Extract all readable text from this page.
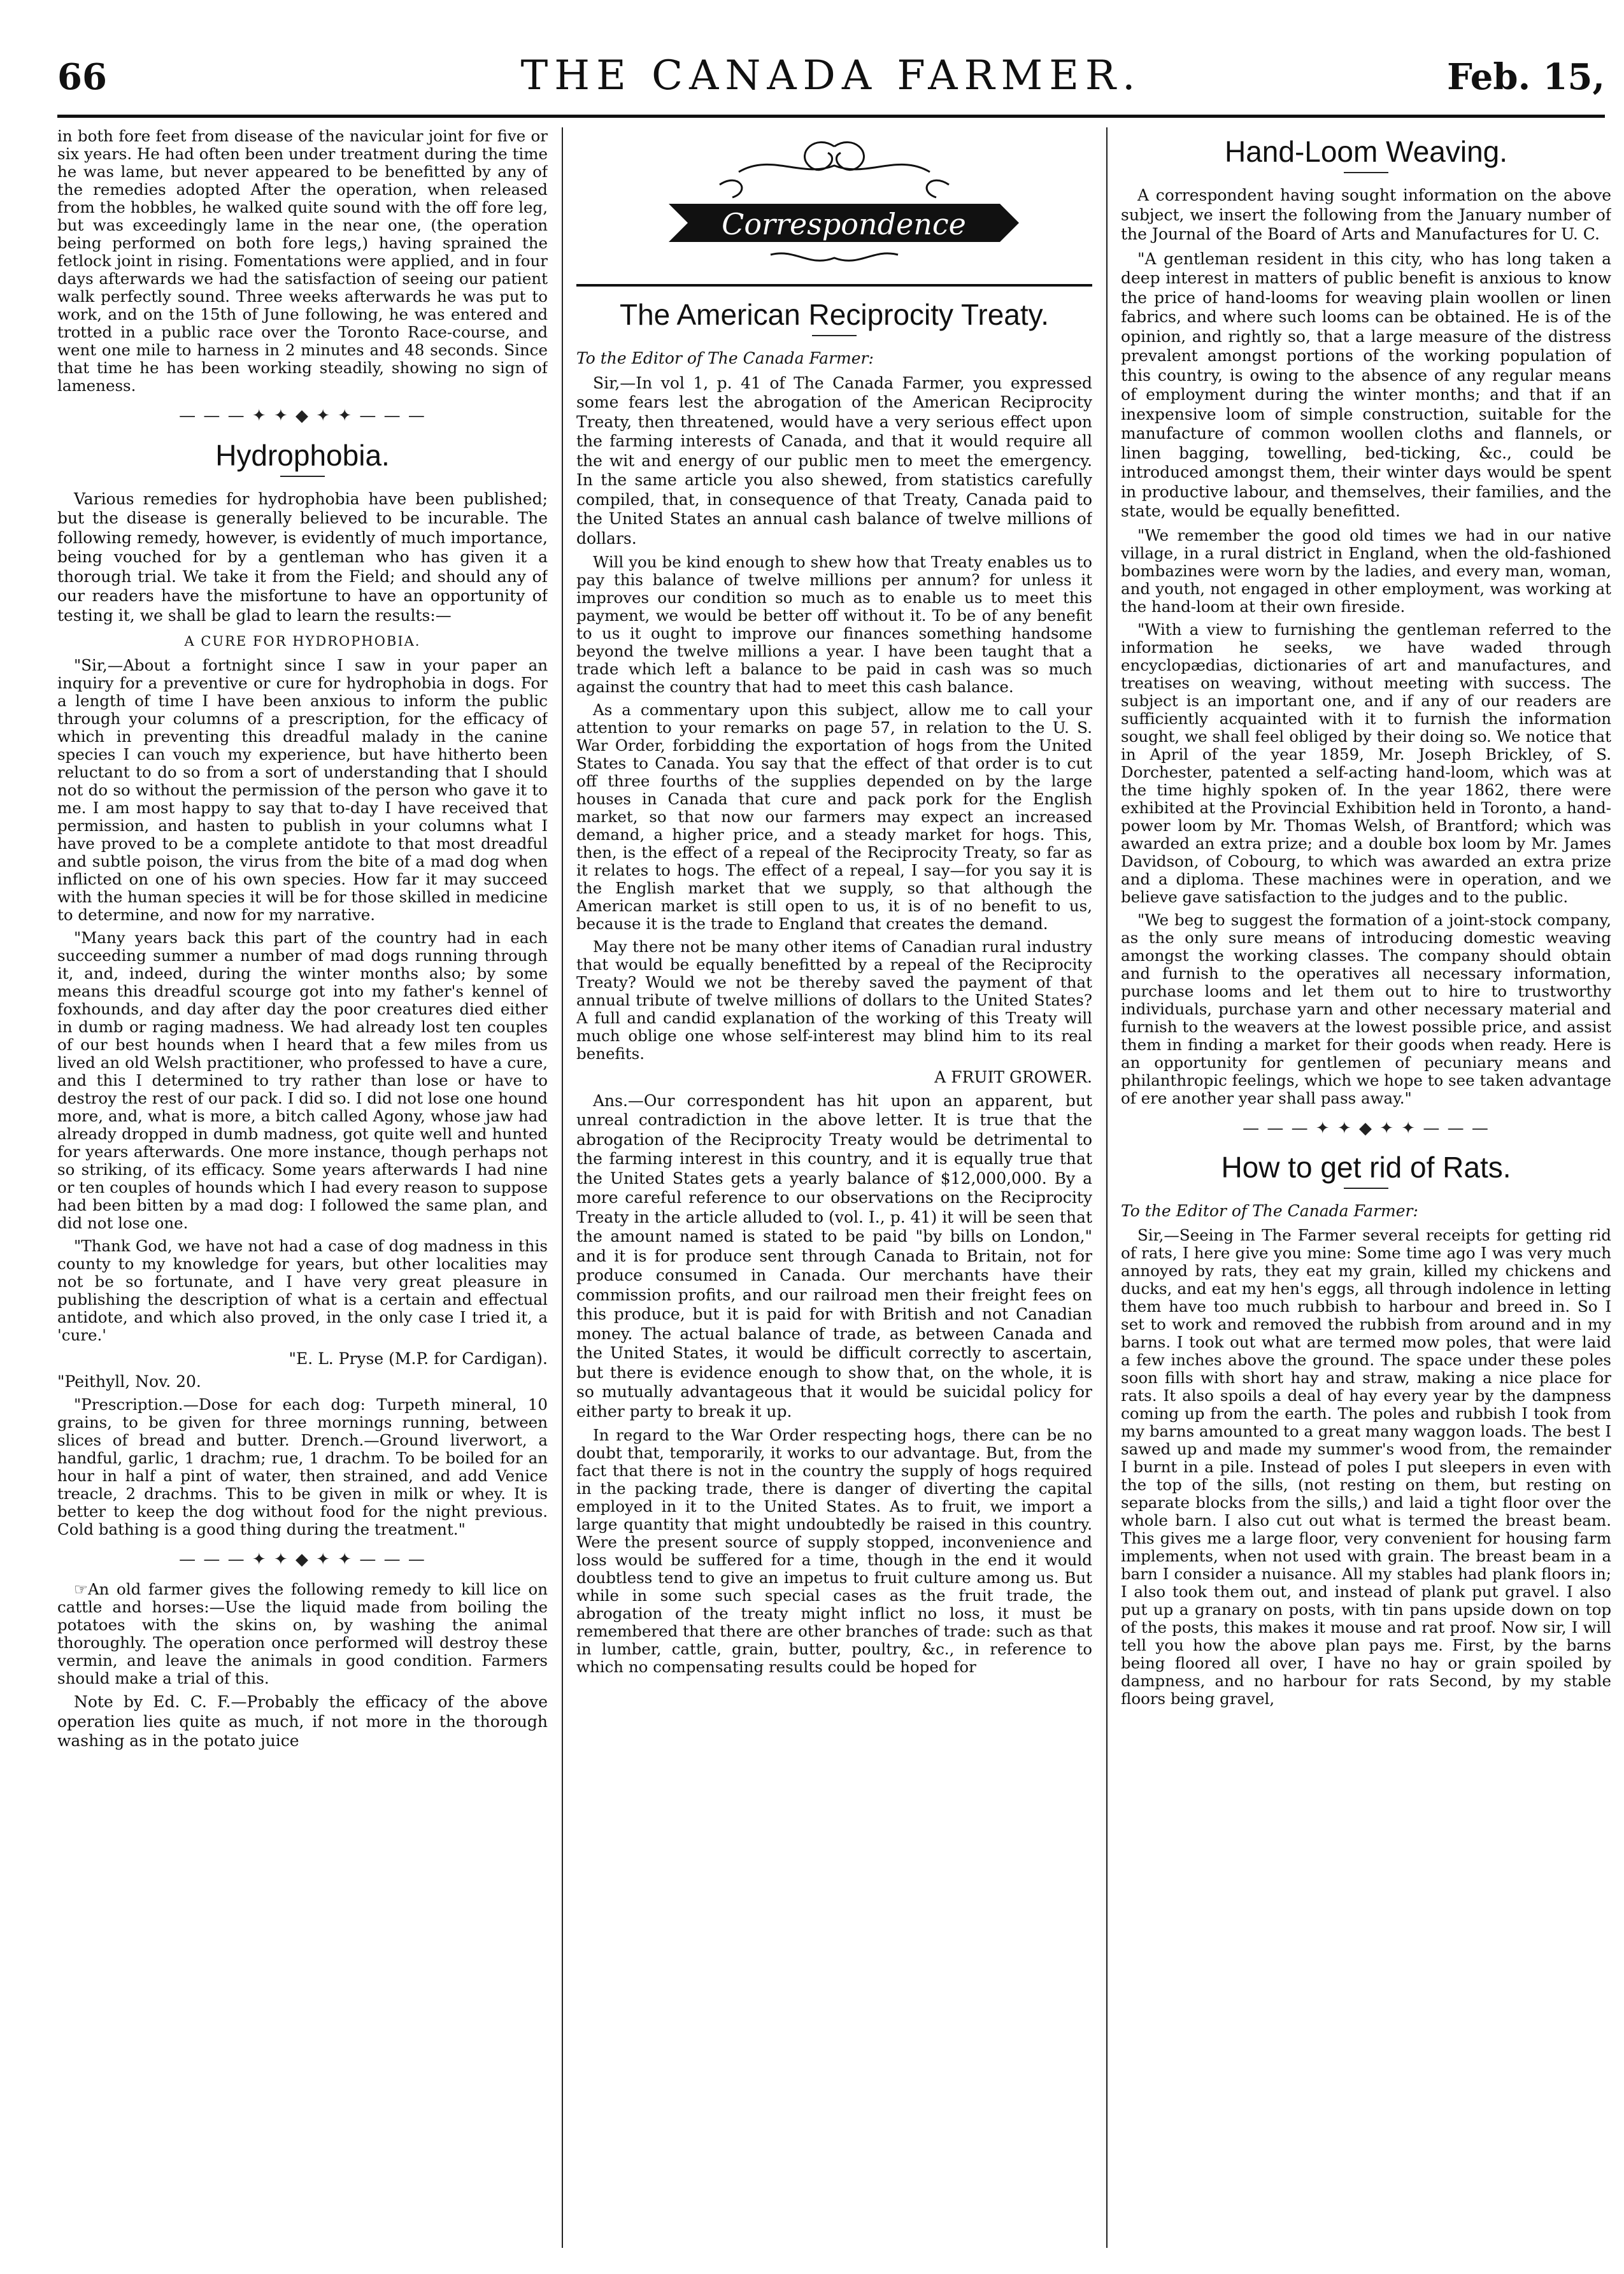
66	THE CANADA FARMER.	Feb. 15,

in both fore feet from disease of the navicular joint for five or six years. He had often been under treatment during the time he was lame, but never appeared to be benefitted by any of the remedies adopted After the operation, when released from the hobbles, he walked quite sound with the off fore leg, but was exceedingly lame in the near one, (the operation being performed on both fore legs,) having sprained the fetlock joint in rising. Fomentations were applied, and in four days afterwards we had the satisfaction of seeing our patient walk perfectly sound. Three weeks afterwards he was put to work, and on the 15th of June following, he was entered and trotted in a public race over the Toronto Race-course, and went one mile to harness in 2 minutes and 48 seconds. Since that time he has been working steadily, showing no sign of lameness.

— — — ✦ ✦ ◆ ✦ ✦ — — —
Hydrophobia.

Various remedies for hydrophobia have been published; but the disease is generally believed to be incurable. The following remedy, however, is evidently of much importance, being vouched for by a gentleman who has given it a thorough trial. We take it from the Field; and should any of our readers have the misfortune to have an opportunity of testing it, we shall be glad to learn the results:—

A CURE FOR HYDROPHOBIA.

"Sir,—About a fortnight since I saw in your paper an inquiry for a preventive or cure for hydrophobia in dogs. For a length of time I have been anxious to inform the public through your columns of a prescription, for the efficacy of which in preventing this dreadful malady in the canine species I can vouch my experience, but have hitherto been reluctant to do so from a sort of understanding that I should not do so without the permission of the person who gave it to me. I am most happy to say that to-day I have received that permission, and hasten to publish in your columns what I have proved to be a complete antidote to that most dreadful and subtle poison, the virus from the bite of a mad dog when inflicted on one of his own species. How far it may succeed with the human species it will be for those skilled in medicine to determine, and now for my narrative.

"Many years back this part of the country had in each succeeding summer a number of mad dogs running through it, and, indeed, during the winter months also; by some means this dreadful scourge got into my father's kennel of foxhounds, and day after day the poor creatures died either in dumb or raging madness. We had already lost ten couples of our best hounds when I heard that a few miles from us lived an old Welsh practitioner, who professed to have a cure, and this I determined to try rather than lose or have to destroy the rest of our pack. I did so. I did not lose one hound more, and, what is more, a bitch called Agony, whose jaw had already dropped in dumb madness, got quite well and hunted for years afterwards. One more instance, though perhaps not so striking, of its efficacy. Some years afterwards I had nine or ten couples of hounds which I had every reason to suppose had been bitten by a mad dog: I followed the same plan, and did not lose one.

"Thank God, we have not had a case of dog madness in this county to my knowledge for years, but other localities may not be so fortunate, and I have very great pleasure in publishing the description of what is a certain and effectual antidote, and which also proved, in the only case I tried it, a 'cure.'

"E. L. Pryse (M.P. for Cardigan).
"Peithyll, Nov. 20.

"Prescription.—Dose for each dog: Turpeth mineral, 10 grains, to be given for three mornings running, between slices of bread and butter. Drench.—Ground liverwort, a handful, garlic, 1 drachm; rue, 1 drachm. To be boiled for an hour in half a pint of water, then strained, and add Venice treacle, 2 drachms. This to be given in milk or whey. It is better to keep the dog without food for the night previous. Cold bathing is a good thing during the treatment."

— — — ✦ ✦ ◆ ✦ ✦ — — —

☞An old farmer gives the following remedy to kill lice on cattle and horses:—Use the liquid made from boiling the potatoes with the skins on, by washing the animal thoroughly. The operation once performed will destroy these vermin, and leave the animals in good condition. Farmers should make a trial of this.

Note by Ed. C. F.—Probably the efficacy of the above operation lies quite as much, if not more in the thorough washing as in the potato juice

Correspondence
The American Reciprocity Treaty.
To the Editor of The Canada Farmer:

Sir,—In vol 1, p. 41 of The Canada Farmer, you expressed some fears lest the abrogation of the American Reciprocity Treaty, then threatened, would have a very serious effect upon the farming interests of Canada, and that it would require all the wit and energy of our public men to meet the emergency. In the same article you also shewed, from statistics carefully compiled, that, in consequence of that Treaty, Canada paid to the United States an annual cash balance of twelve millions of dollars.

Will you be kind enough to shew how that Treaty enables us to pay this balance of twelve millions per annum? for unless it improves our condition so much as to enable us to meet this payment, we would be better off without it. To be of any benefit to us it ought to improve our finances something handsome beyond the twelve millions a year. I have been taught that a trade which left a balance to be paid in cash was so much against the country that had to meet this cash balance.

As a commentary upon this subject, allow me to call your attention to your remarks on page 57, in relation to the U. S. War Order, forbidding the exportation of hogs from the United States to Canada. You say that the effect of that order is to cut off three fourths of the supplies depended on by the large houses in Canada that cure and pack pork for the English market, so that now our farmers may expect an increased demand, a higher price, and a steady market for hogs. This, then, is the effect of a repeal of the Reciprocity Treaty, so far as it relates to hogs. The effect of a repeal, I say—for you say it is the English market that we supply, so that although the American market is still open to us, it is of no benefit to us, because it is the trade to England that creates the demand.

May there not be many other items of Canadian rural industry that would be equally benefitted by a repeal of the Reciprocity Treaty? Would we not be thereby saved the payment of that annual tribute of twelve millions of dollars to the United States? A full and candid explanation of the working of this Treaty will much oblige one whose self-interest may blind him to its real benefits.

A FRUIT GROWER.

Ans.—Our correspondent has hit upon an apparent, but unreal contradiction in the above letter. It is true that the abrogation of the Reciprocity Treaty would be detrimental to the farming interest in this country, and it is equally true that the United States gets a yearly balance of $12,000,000. By a more careful reference to our observations on the Reciprocity Treaty in the article alluded to (vol. I., p. 41) it will be seen that the amount named is stated to be paid "by bills on London," and it is for produce sent through Canada to Britain, not for produce consumed in Canada. Our merchants have their commission profits, and our railroad men their freight fees on this produce, but it is paid for with British and not Canadian money. The actual balance of trade, as between Canada and the United States, it would be difficult correctly to ascertain, but there is evidence enough to show that, on the whole, it is so mutually advantageous that it would be suicidal policy for either party to break it up.

In regard to the War Order respecting hogs, there can be no doubt that, temporarily, it works to our advantage. But, from the fact that there is not in the country the supply of hogs required in the packing trade, there is danger of diverting the capital employed in it to the United States. As to fruit, we import a large quantity that might undoubtedly be raised in this country. Were the present source of supply stopped, inconvenience and loss would be suffered for a time, though in the end it would doubtless tend to give an impetus to fruit culture among us. But while in some such special cases as the fruit trade, the abrogation of the treaty might inflict no loss, it must be remembered that there are other branches of trade: such as that in lumber, cattle, grain, butter, poultry, &c., in reference to which no compensating results could be hoped for

Hand-Loom Weaving.

A correspondent having sought information on the above subject, we insert the following from the January number of the Journal of the Board of Arts and Manufactures for U. C.

"A gentleman resident in this city, who has long taken a deep interest in matters of public benefit is anxious to know the price of hand-looms for weaving plain woollen or linen fabrics, and where such looms can be obtained. He is of the opinion, and rightly so, that a large measure of the distress prevalent amongst portions of the working population of this country, is owing to the absence of any regular means of employment during the winter months; and that if an inexpensive loom of simple construction, suitable for the manufacture of common woollen cloths and flannels, or linen bagging, towelling, bed-ticking, &c., could be introduced amongst them, their winter days would be spent in productive labour, and themselves, their families, and the state, would be equally benefitted.

"We remember the good old times we had in our native village, in a rural district in England, when the old-fashioned bombazines were worn by the ladies, and every man, woman, and youth, not engaged in other employment, was working at the hand-loom at their own fireside.

"With a view to furnishing the gentleman referred to the information he seeks, we have waded through encyclopædias, dictionaries of art and manufactures, and treatises on weaving, without meeting with success. The subject is an important one, and if any of our readers are sufficiently acquainted with it to furnish the information sought, we shall feel obliged by their doing so. We notice that in April of the year 1859, Mr. Joseph Brickley, of S. Dorchester, patented a self-acting hand-loom, which was at the time highly spoken of. In the year 1862, there were exhibited at the Provincial Exhibition held in Toronto, a hand-power loom by Mr. Thomas Welsh, of Brantford; which was awarded an extra prize; and a double box loom by Mr. James Davidson, of Cobourg, to which was awarded an extra prize and a diploma. These machines were in operation, and we believe gave satisfaction to the judges and to the public.

"We beg to suggest the formation of a joint-stock company, as the only sure means of introducing domestic weaving amongst the working classes. The company should obtain and furnish to the operatives all necessary information, purchase looms and let them out to hire to trustworthy individuals, purchase yarn and other necessary material and furnish to the weavers at the lowest possible price, and assist them in finding a market for their goods when ready. Here is an opportunity for gentlemen of pecuniary means and philanthropic feelings, which we hope to see taken advantage of ere another year shall pass away."

— — — ✦ ✦ ◆ ✦ ✦ — — —
How to get rid of Rats.
To the Editor of The Canada Farmer:

Sir,—Seeing in The Farmer several receipts for getting rid of rats, I here give you mine: Some time ago I was very much annoyed by rats, they eat my grain, killed my chickens and ducks, and eat my hen's eggs, all through indolence in letting them have too much rubbish to harbour and breed in. So I set to work and removed the rubbish from around and in my barns. I took out what are termed mow poles, that were laid a few inches above the ground. The space under these poles soon fills with short hay and straw, making a nice place for rats. It also spoils a deal of hay every year by the dampness coming up from the earth. The poles and rubbish I took from my barns amounted to a great many waggon loads. The best I sawed up and made my summer's wood from, the remainder I burnt in a pile. Instead of poles I put sleepers in even with the top of the sills, (not resting on them, but resting on separate blocks from the sills,) and laid a tight floor over the whole barn. I also cut out what is termed the breast beam. This gives me a large floor, very convenient for housing farm implements, when not used with grain. The breast beam in a barn I consider a nuisance. All my stables had plank floors in; I also took them out, and instead of plank put gravel. I also put up a granary on posts, with tin pans upside down on top of the posts, this makes it mouse and rat proof. Now sir, I will tell you how the above plan pays me. First, by the barns being floored all over, I have no hay or grain spoiled by dampness, and no harbour for rats Second, by my stable floors being gravel,
